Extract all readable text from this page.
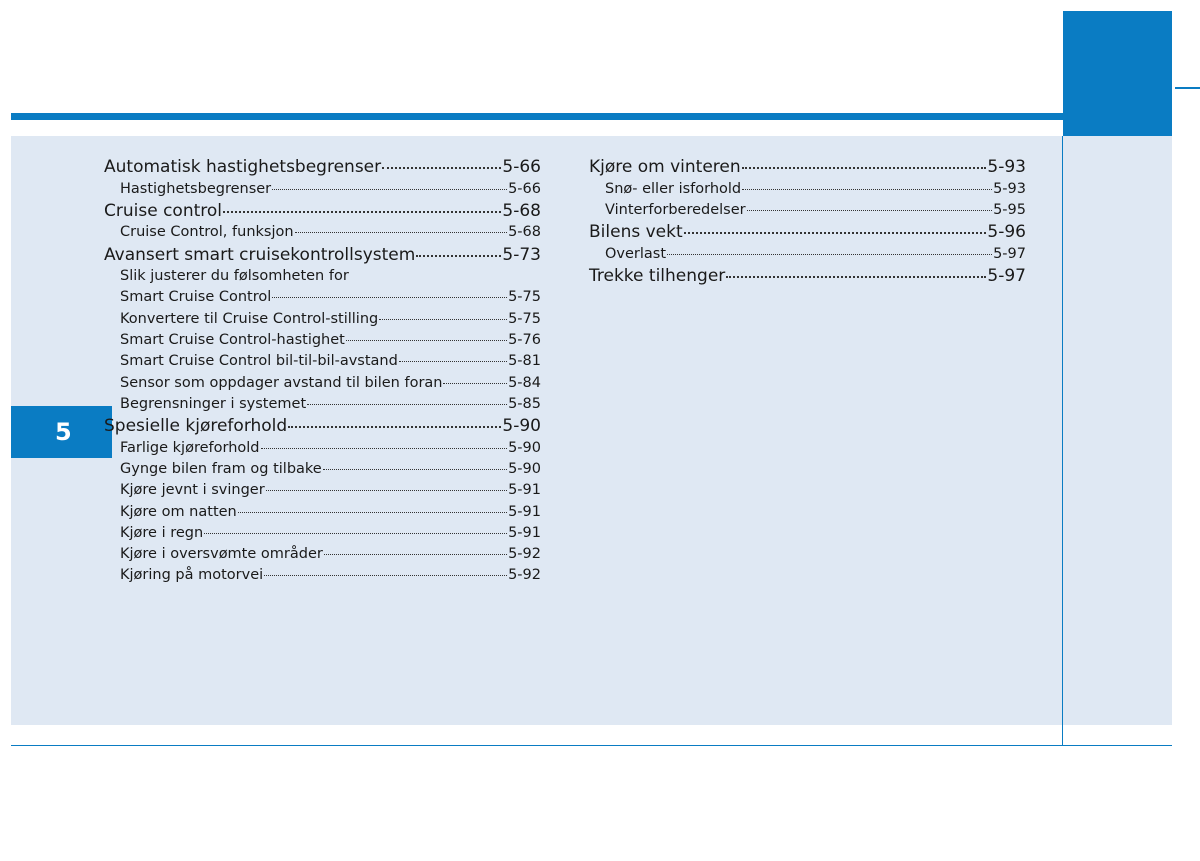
5
Automatisk hastighetsbegrenser	5-66
Hastighetsbegrenser	5-66
Cruise control	5-68
Cruise Control, funksjon	5-68
Avansert smart cruisekontrollsystem	5-73
Slik justerer du følsomheten for
Smart Cruise Control	5-75
Konvertere til Cruise Control-stilling	5-75
Smart Cruise Control-hastighet	5-76
Smart Cruise Control bil-til-bil-avstand	5-81
Sensor som oppdager avstand til bilen foran	5-84
Begrensninger i systemet	5-85
Spesielle kjøreforhold	5-90
Farlige kjøreforhold	5-90
Gynge bilen fram og tilbake	5-90
Kjøre jevnt i svinger	5-91
Kjøre om natten	5-91
Kjøre i regn	5-91
Kjøre i oversvømte områder	5-92
Kjøring på motorvei	5-92
Kjøre om vinteren	5-93
Snø- eller isforhold	5-93
Vinterforberedelser	5-95
Bilens vekt	5-96
Overlast	5-97
Trekke tilhenger	5-97
